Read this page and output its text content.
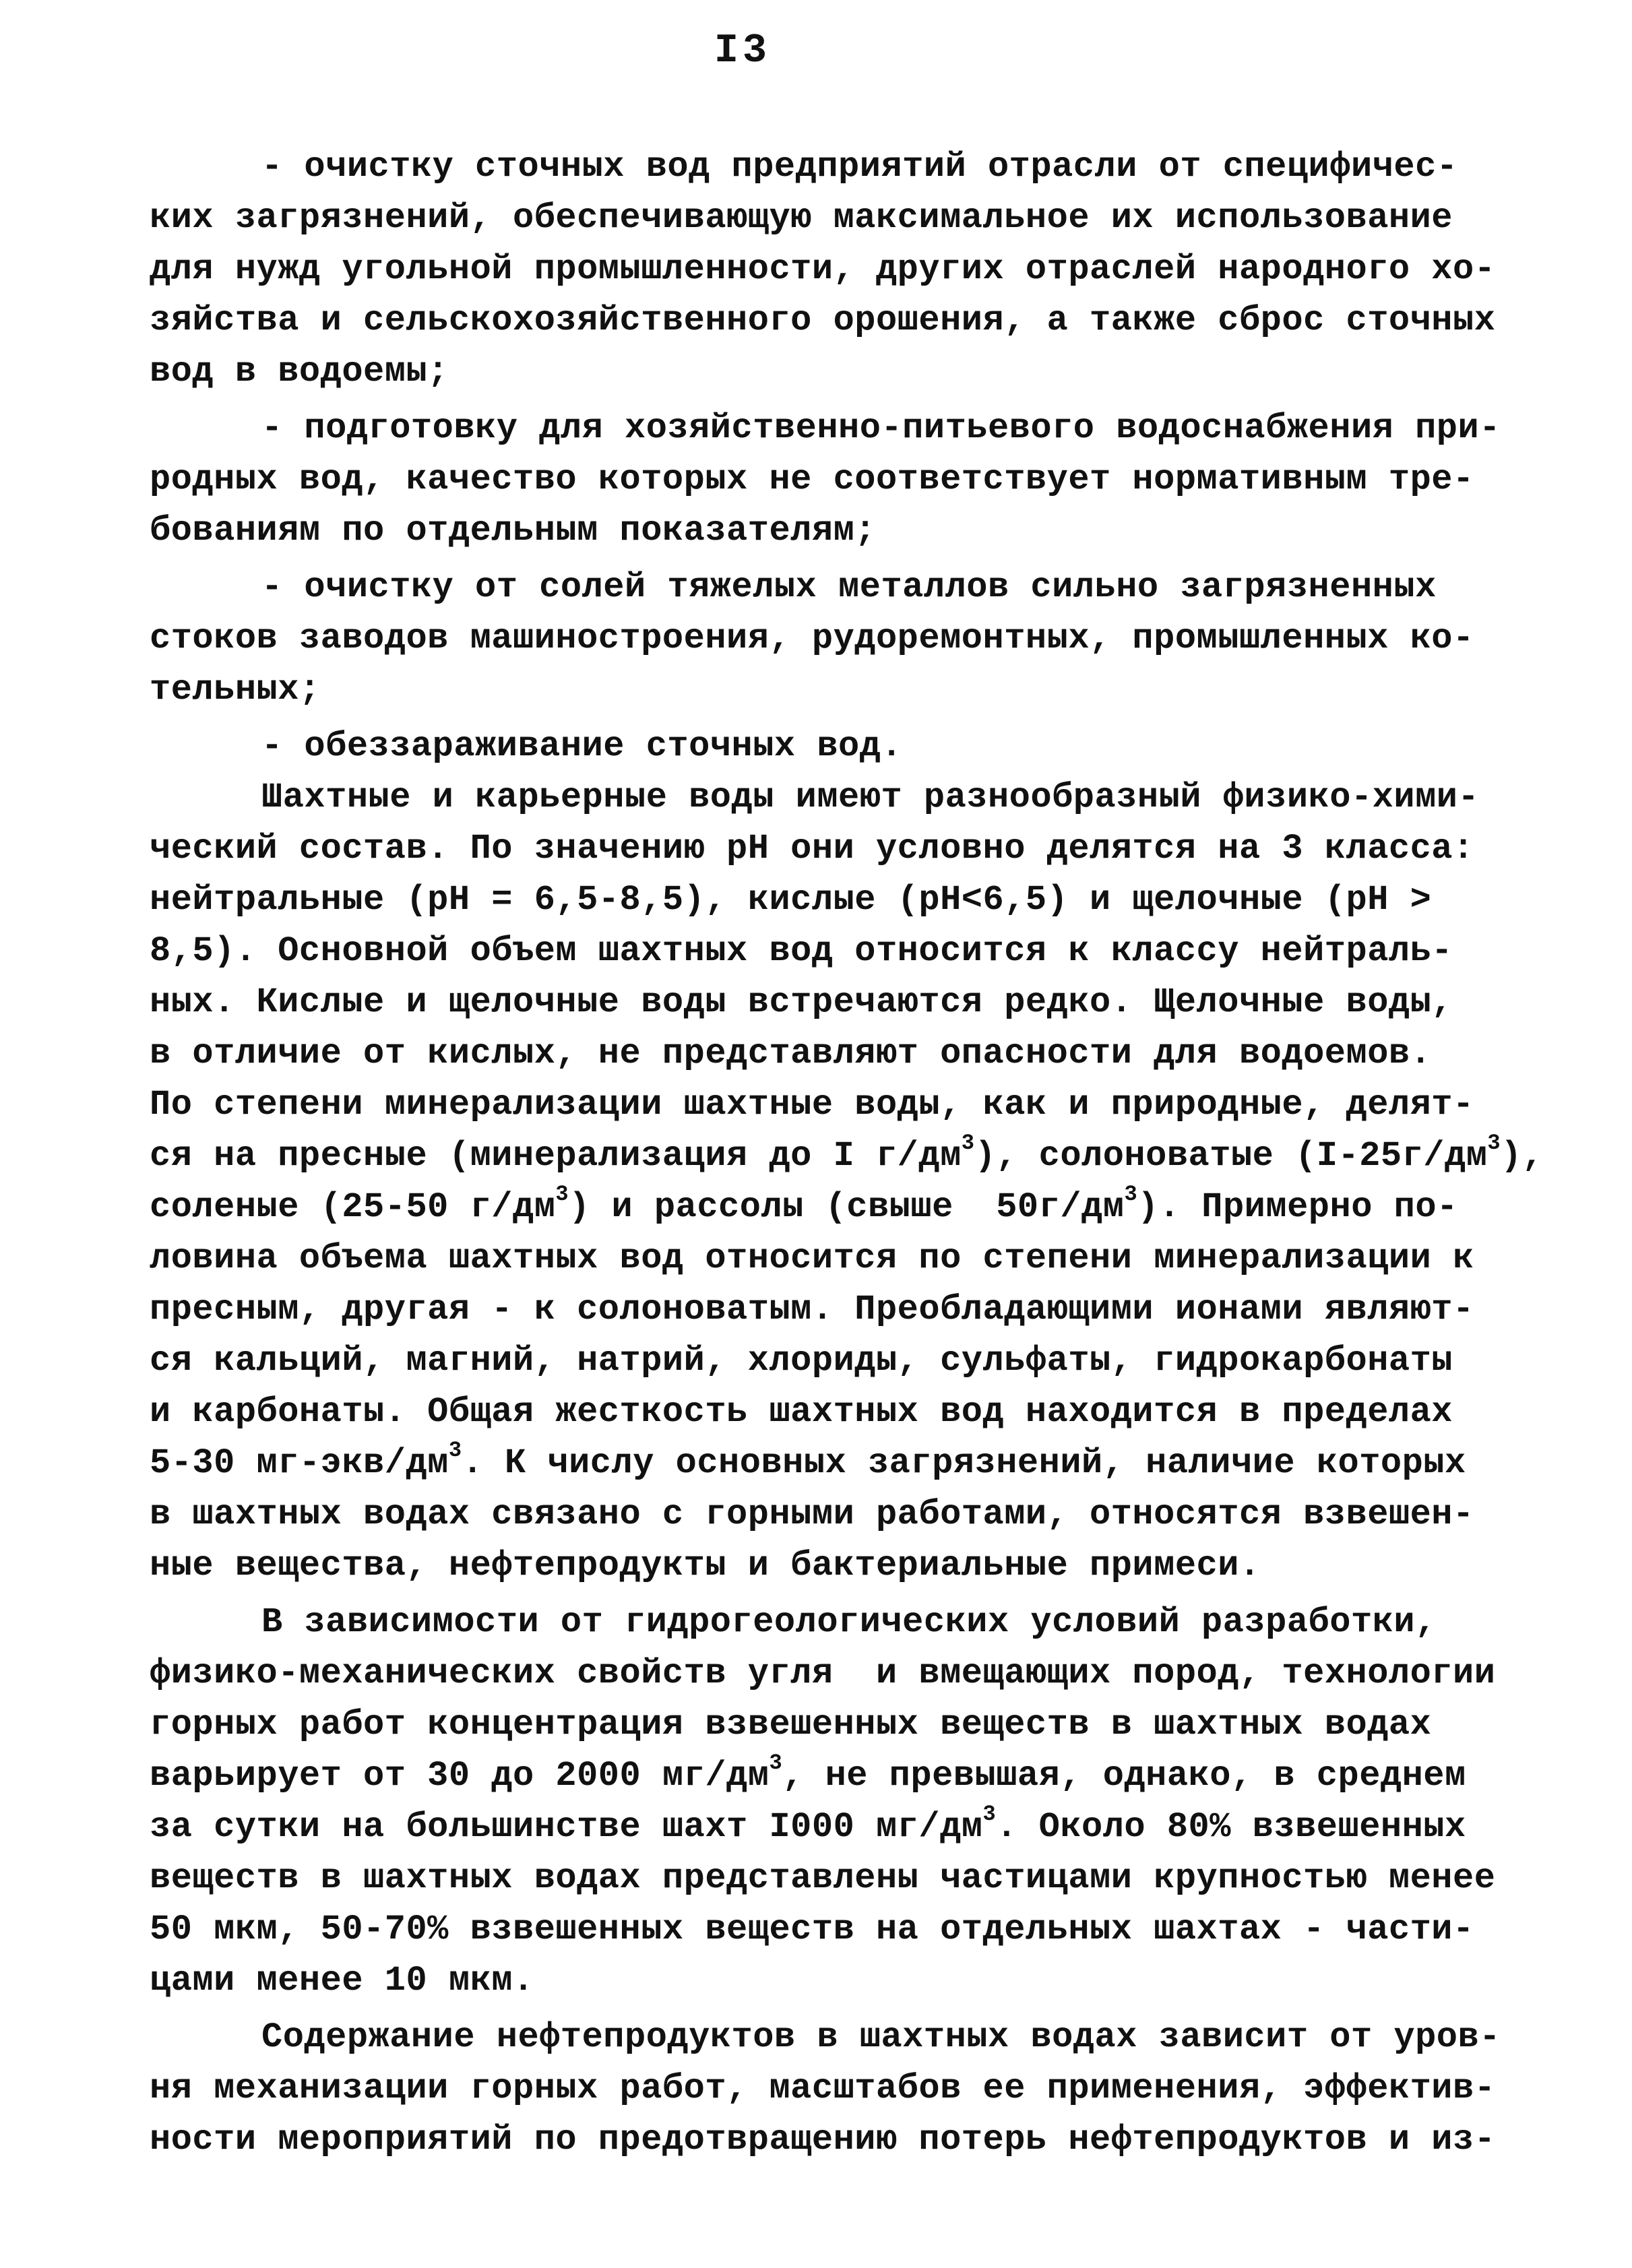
I3
- очистку сточных вод предприятий отрасли от специфичес-
ких загрязнений, обеспечивающую максимальное их использование
для нужд угольной промышленности, других отраслей народного хо-
зяйства и сельскохозяйственного орошения, а также сброс сточных
вод в водоемы;
- подготовку для хозяйственно-питьевого водоснабжения при-
родных вод, качество которых не соответствует нормативным тре-
бованиям по отдельным показателям;
- очистку от солей тяжелых металлов сильно загрязненных
стоков заводов машиностроения, рудоремонтных, промышленных ко-
тельных;
- обеззараживание сточных вод.
Шахтные и карьерные воды имеют разнообразный физико-хими-
ческий состав. По значению рН они условно делятся на 3 класса:
нейтральные (рН = 6,5-8,5), кислые (рН<6,5) и щелочные (рН >
8,5). Основной объем шахтных вод относится к классу нейтраль-
ных. Кислые и щелочные воды встречаются редко. Щелочные воды,
в отличие от кислых, не представляют опасности для водоемов.
По степени минерализации шахтные воды, как и природные, делят-
ся на пресные (минерализация до I $г/дм^3$), солоноватые $(I-25г/дм^3)$,
соленые (25-50 $г/дм^3$) и рассолы (свыше  $50г/дм^3$). Примерно по-
ловина объема шахтных вод относится по степени минерализации к
пресным, другая - к солоноватым. Преобладающими ионами являют-
ся кальций, магний, натрий, хлориды, сульфаты, гидрокарбонаты
и карбонаты. Общая жесткость шахтных вод находится в пределах
5-30 $мг-экв/дм^3$. К числу основных загрязнений, наличие которых
в шахтных водах связано с горными работами, относятся взвешен-
ные вещества, нефтепродукты и бактериальные примеси.
В зависимости от гидрогеологических условий разработки,
физико-механических свойств угля  и вмещающих пород, технологии
горных работ концентрация взвешенных веществ в шахтных водах
варьирует от 30 до 2000 $мг/дм^3$, не превышая, однако, в среднем
за сутки на большинстве шахт I000 $мг/дм^3$. Около 80% взвешенных
веществ в шахтных водах представлены частицами крупностью менее
50 мкм, 50-70% взвешенных веществ на отдельных шахтах - части-
цами менее 10 мкм.
Содержание нефтепродуктов в шахтных водах зависит от уров-
ня механизации горных работ, масштабов ее применения, эффектив-
ности мероприятий по предотвращению потерь нефтепродуктов и из-
